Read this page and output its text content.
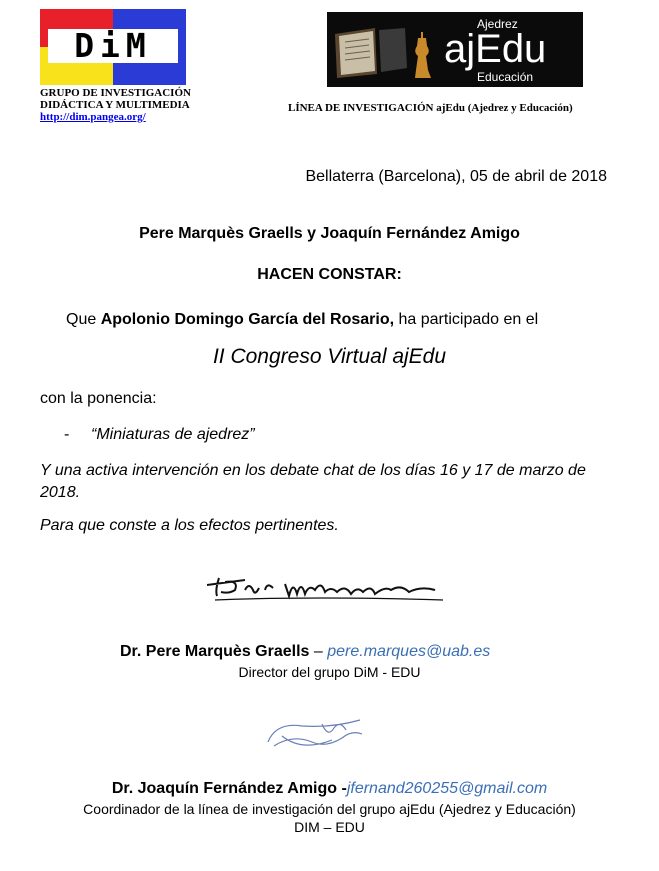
DiM
GRUPO DE INVESTIGACIÓN
DIDÁCTICA Y MULTIMEDIA
http://dim.pangea.org/
Ajedrez
ajEdu
Educación
LÍNEA DE INVESTIGACIÓN ajEdu (Ajedrez y Educación)
Bellaterra (Barcelona), 05 de abril de 2018
Pere Marquès Graells y Joaquín Fernández Amigo
HACEN CONSTAR:
Que Apolonio Domingo García del Rosario, ha participado en el
II Congreso Virtual ajEdu
con la ponencia:
- “Miniaturas de ajedrez”
Y una activa intervención en los debate chat de los días 16 y 17 de marzo de 2018.
Para que conste a los efectos pertinentes.
Dr. Pere Marquès Graells – pere.marques@uab.es
Director del grupo DiM - EDU
Dr. Joaquín Fernández Amigo -jfernand260255@gmail.com
Coordinador de la línea de investigación del grupo ajEdu (Ajedrez y Educación)
DIM – EDU
